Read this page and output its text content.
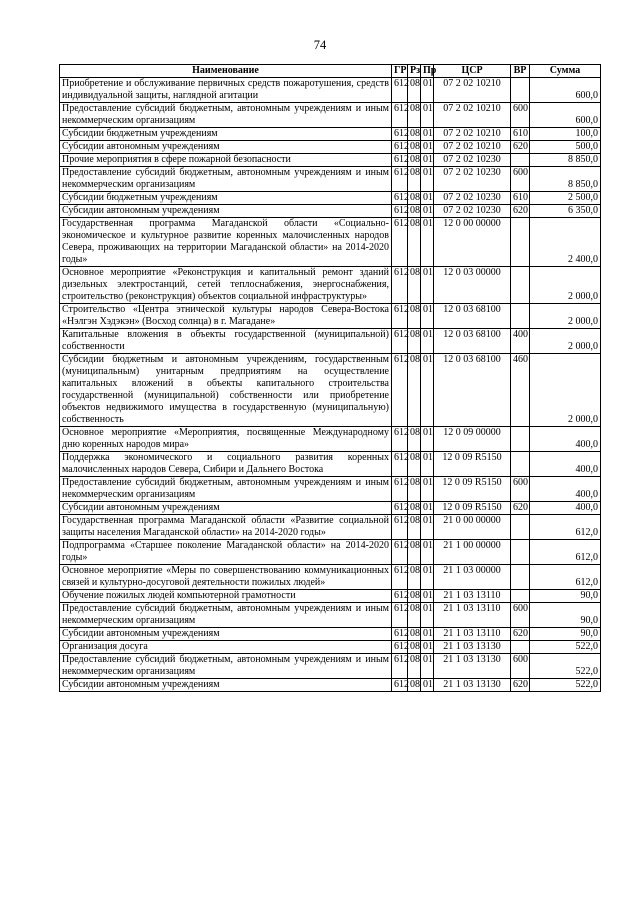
74
Наименование	ГР	Рз	Пр	ЦСР	ВР	Сумма
Приобретение и обслуживание первичных средств пожаротушения, средств индивидуальной защиты, наглядной агитации	612	08	01	07 2 02 10210		600,0
Предоставление субсидий бюджетным, автономным учреждениям и иным некоммерческим организациям	612	08	01	07 2 02 10210	600	600,0
Субсидии бюджетным учреждениям	612	08	01	07 2 02 10210	610	100,0
Субсидии автономным учреждениям	612	08	01	07 2 02 10210	620	500,0
Прочие мероприятия в сфере пожарной безопасности	612	08	01	07 2 02 10230		8 850,0
Предоставление субсидий бюджетным, автономным учреждениям и иным некоммерческим организациям	612	08	01	07 2 02 10230	600	8 850,0
Субсидии бюджетным учреждениям	612	08	01	07 2 02 10230	610	2 500,0
Субсидии автономным учреждениям	612	08	01	07 2 02 10230	620	6 350,0
Государственная программа Магаданской области «Социально-экономическое и культурное развитие коренных малочисленных народов Севера, проживающих на территории Магаданской области» на 2014-2020 годы»	612	08	01	12 0 00 00000		2 400,0
Основное мероприятие «Реконструкция и капитальный ремонт зданий дизельных электростанций, сетей теплоснабжения, энергоснабжения, строительство (реконструкция) объектов социальной инфраструктуры»	612	08	01	12 0 03 00000		2 000,0
Строительство «Центра этнической культуры народов Севера-Востока «Нэлгэн Хэдэкэн» (Восход солнца) в г. Магадане»	612	08	01	12 0 03 68100		2 000,0
Капитальные вложения в объекты государственной (муниципальной) собственности	612	08	01	12 0 03 68100	400	2 000,0
Субсидии бюджетным и автономным учреждениям, государственным (муниципальным) унитарным предприятиям на осуществление капитальных вложений в объекты капитального строительства государственной (муниципальной) собственности или приобретение объектов недвижимого имущества в государственную (муниципальную) собственность	612	08	01	12 0 03 68100	460	2 000,0
Основное мероприятие «Мероприятия, посвященные Международному дню коренных народов мира»	612	08	01	12 0 09 00000		400,0
Поддержка экономического и социального развития коренных малочисленных народов Севера, Сибири и Дальнего Востока	612	08	01	12 0 09 R5150		400,0
Предоставление субсидий бюджетным, автономным учреждениям и иным некоммерческим организациям	612	08	01	12 0 09 R5150	600	400,0
Субсидии автономным учреждениям	612	08	01	12 0 09 R5150	620	400,0
Государственная программа Магаданской области «Развитие социальной защиты населения Магаданской области» на 2014-2020 годы»	612	08	01	21 0 00 00000		612,0
Подпрограмма «Старшее поколение Магаданской области» на 2014-2020 годы»	612	08	01	21 1 00 00000		612,0
Основное мероприятие «Меры по совершенствованию коммуникационных связей и культурно-досуговой деятельности пожилых людей»	612	08	01	21 1 03 00000		612,0
Обучение пожилых людей компьютерной грамотности	612	08	01	21 1 03 13110		90,0
Предоставление субсидий бюджетным, автономным учреждениям и иным некоммерческим организациям	612	08	01	21 1 03 13110	600	90,0
Субсидии автономным учреждениям	612	08	01	21 1 03 13110	620	90,0
Организация досуга	612	08	01	21 1 03 13130		522,0
Предоставление субсидий бюджетным, автономным учреждениям и иным некоммерческим организациям	612	08	01	21 1 03 13130	600	522,0
Субсидии автономным учреждениям	612	08	01	21 1 03 13130	620	522,0
